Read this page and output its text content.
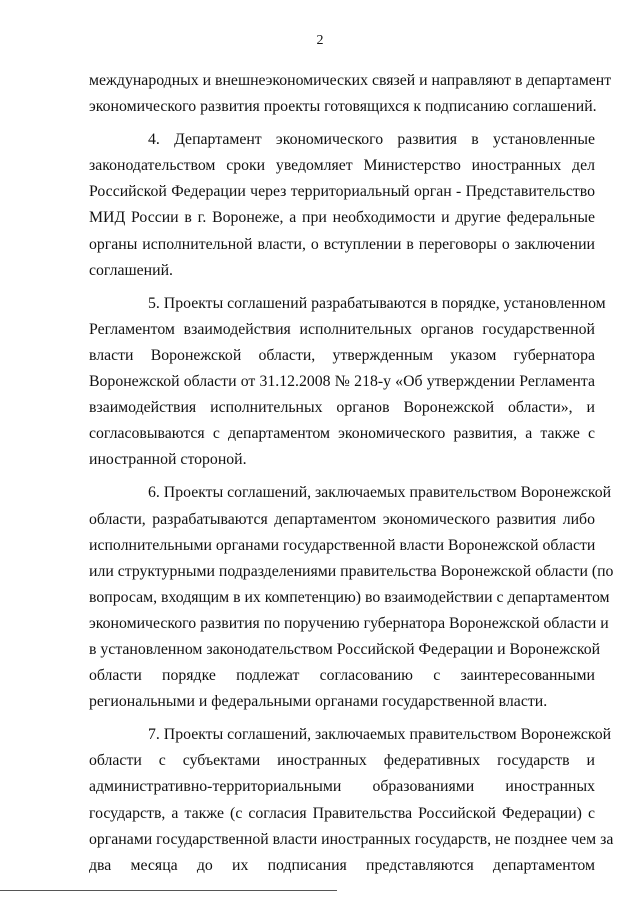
2
международных и внешнеэкономических связей и направляют в департамент
экономического развития проекты готовящихся к подписанию соглашений.
4. Департамент экономического развития в установленные
законодательством сроки уведомляет Министерство иностранных дел
Российской Федерации через территориальный орган - Представительство
МИД России в г. Воронеже, а при необходимости и другие федеральные
органы исполнительной власти, о вступлении в переговоры о заключении
соглашений.
5. Проекты соглашений разрабатываются в порядке, установленном
Регламентом взаимодействия исполнительных органов государственной
власти Воронежской области, утвержденным указом губернатора
Воронежской области от 31.12.2008 № 218-у «Об утверждении Регламента
взаимодействия исполнительных органов Воронежской области», и
согласовываются с департаментом экономического развития, а также с
иностранной стороной.
6. Проекты соглашений, заключаемых правительством Воронежской
области, разрабатываются департаментом экономического развития либо
исполнительными органами государственной власти Воронежской области
или структурными подразделениями правительства Воронежской области (по
вопросам, входящим в их компетенцию) во взаимодействии с департаментом
экономического развития по поручению губернатора Воронежской области и
в установленном законодательством Российской Федерации и Воронежской
области порядке подлежат согласованию с заинтересованными
региональными и федеральными органами государственной власти.
7. Проекты соглашений, заключаемых правительством Воронежской
области с субъектами иностранных федеративных государств и
административно-территориальными образованиями иностранных
государств, а также (с согласия Правительства Российской Федерации) с
органами государственной власти иностранных государств, не позднее чем за
два месяца до их подписания представляются департаментом
